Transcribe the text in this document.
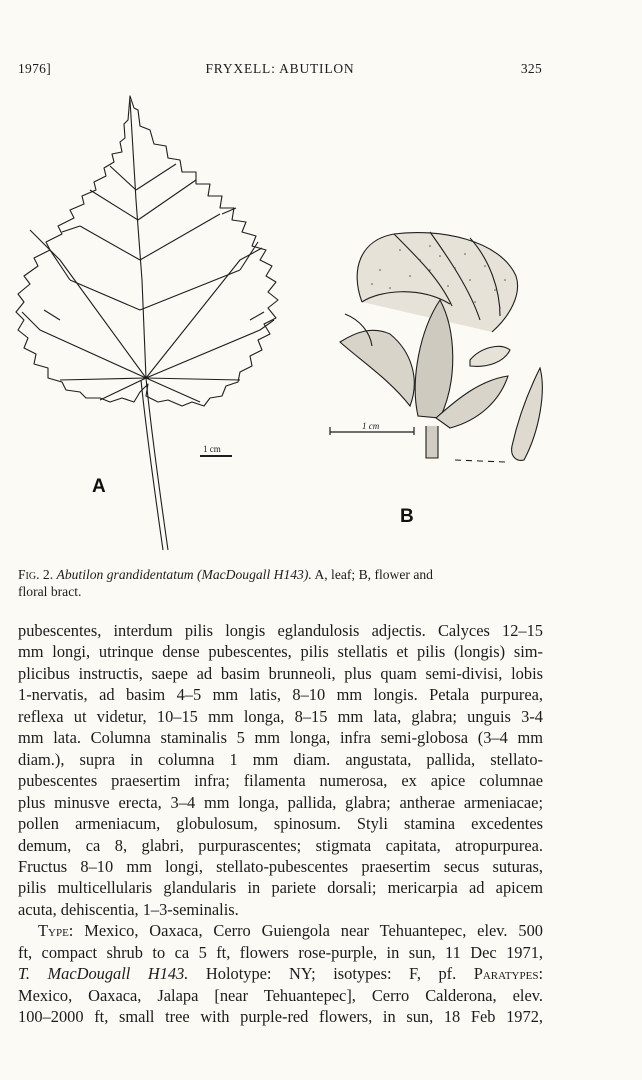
1976]	FRYXELL: ABUTILON	325
1 cm
A
1 cm
B
Fig. 2. Abutilon grandidentatum (MacDougall H143). A, leaf; B, flower and
floral bract.
pubescentes, interdum pilis longis eglandulosis adjectis. Calyces 12–15
mm longi, utrinque dense pubescentes, pilis stellatis et pilis (longis) sim-
plicibus instructis, saepe ad basim brunneoli, plus quam semi-divisi, lobis
1-nervatis, ad basim 4–5 mm latis, 8–10 mm longis. Petala purpurea,
reflexa ut videtur, 10–15 mm longa, 8–15 mm lata, glabra; unguis 3-4
mm lata. Columna staminalis 5 mm longa, infra semi-globosa (3–4 mm
diam.), supra in columna 1 mm diam. angustata, pallida, stellato-
pubescentes praesertim infra; filamenta numerosa, ex apice columnae
plus minusve erecta, 3–4 mm longa, pallida, glabra; antherae armeniacae;
pollen armeniacum, globulosum, spinosum. Styli stamina excedentes
demum, ca 8, glabri, purpurascentes; stigmata capitata, atropurpurea.
Fructus 8–10 mm longi, stellato-pubescentes praesertim secus suturas,
pilis multicellularis glandularis in pariete dorsali; mericarpia ad apicem
acuta, dehiscentia, 1–3-seminalis.
Type: Mexico, Oaxaca, Cerro Guiengola near Tehuantepec, elev. 500
ft, compact shrub to ca 5 ft, flowers rose-purple, in sun, 11 Dec 1971,
T. MacDougall H143. Holotype: NY; isotypes: F, pf. Paratypes:
Mexico, Oaxaca, Jalapa [near Tehuantepec], Cerro Calderona, elev.
100–2000 ft, small tree with purple-red flowers, in sun, 18 Feb 1972,
